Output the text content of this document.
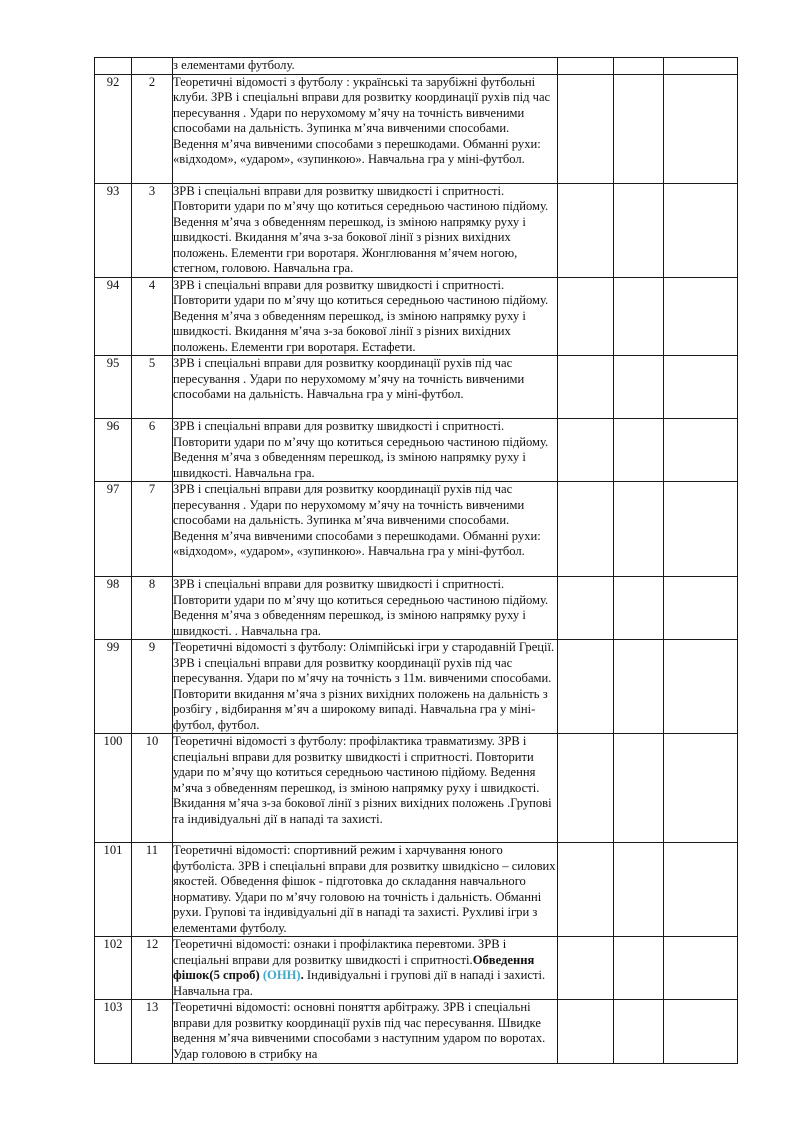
		з елементами футболу.			
92	2	Теоретичні відомості з футболу : українські та зарубіжні футбольні клуби. ЗРВ і спеціальні вправи для розвитку координації рухів під час пересування . Удари по нерухомому м’ячу на точність вивченими способами на дальність. Зупинка м’яча вивченими способами. Ведення м’яча вивченими способами з перешкодами. Обманні рухи: «відходом», «ударом», «зупинкою». Навчальна гра у міні-футбол.			
93	3	ЗРВ і спеціальні вправи для розвитку швидкості і спритності. Повторити удари по м’ячу що котиться середньою частиною підйому. Ведення м’яча з обведенням перешкод, із зміною напрямку руху і швидкості. Вкидання м’яча з-за бокової лінії з різних вихідних положень. Елементи гри воротаря. Жонглювання м’ячем ногою, стегном, головою. Навчальна гра.			
94	4	ЗРВ і спеціальні вправи для розвитку швидкості і спритності. Повторити удари по м’ячу що котиться середньою частиною підйому. Ведення м’яча з обведенням перешкод, із зміною напрямку руху і швидкості. Вкидання м’яча з-за бокової лінії з різних вихідних положень. Елементи гри воротаря. Естафети.			
95	5	ЗРВ і спеціальні вправи для розвитку координації рухів під час пересування . Удари по нерухомому м’ячу на точність вивченими способами на дальність. Навчальна гра у міні-футбол.			
96	6	ЗРВ і спеціальні вправи для розвитку швидкості і спритності. Повторити удари по м’ячу що котиться середньою частиною підйому. Ведення м’яча з обведенням перешкод, із зміною напрямку руху і швидкості. Навчальна гра.			
97	7	ЗРВ і спеціальні вправи для розвитку координації рухів під час пересування . Удари по нерухомому м’ячу на точність вивченими способами на дальність. Зупинка м’яча вивченими способами. Ведення м’яча вивченими способами з перешкодами. Обманні рухи: «відходом», «ударом», «зупинкою». Навчальна гра у міні-футбол.			
98	8	ЗРВ і спеціальні вправи для розвитку швидкості і спритності. Повторити удари по м’ячу що котиться середньою частиною підйому. Ведення м’яча з обведенням перешкод, із зміною напрямку руху і швидкості. . Навчальна гра.			
99	9	Теоретичні відомості з футболу: Олімпійські ігри у стародавній Греції. ЗРВ і спеціальні вправи для розвитку координації рухів під час пересування. Удари по м’ячу на точність з 11м. вивченими способами. Повторити вкидання м’яча з різних вихідних положень на дальність з розбігу , відбирання м’яч а широкому випаді. Навчальна гра у міні-футбол, футбол.			
100	10	Теоретичні відомості з футболу: профілактика травматизму. ЗРВ і спеціальні вправи для розвитку швидкості і спритності. Повторити удари по м’ячу що котиться середньою частиною підйому. Ведення м’яча з обведенням перешкод, із зміною напрямку руху і швидкості. Вкидання м’яча з-за бокової лінії з різних вихідних положень .Групові та індивідуальні дії в нападі та захисті.			
101	11	Теоретичні відомості: спортивний режим і харчування юного футболіста. ЗРВ і спеціальні вправи для розвитку швидкісно – силових якостей. Обведення фішок - підготовка до складання навчального нормативу. Удари по м’ячу головою на точність і дальність. Обманні рухи. Групові та індивідуальні дії в нападі та захисті. Рухливі ігри з елементами футболу.			
102	12	Теоретичні відомості: ознаки і профілактика перевтоми. ЗРВ і спеціальні вправи для розвитку швидкості і спритності.Обведення фішок(5 спроб) (ОНН). Індивідуальні і групові дії в нападі і захисті. Навчальна гра.			
103	13	Теоретичні відомості: основні поняття арбітражу. ЗРВ і спеціальні вправи для розвитку координації рухів під час пересування. Швидке ведення м’яча вивченими способами з наступним ударом по воротах. Удар головою в стрибку на			
